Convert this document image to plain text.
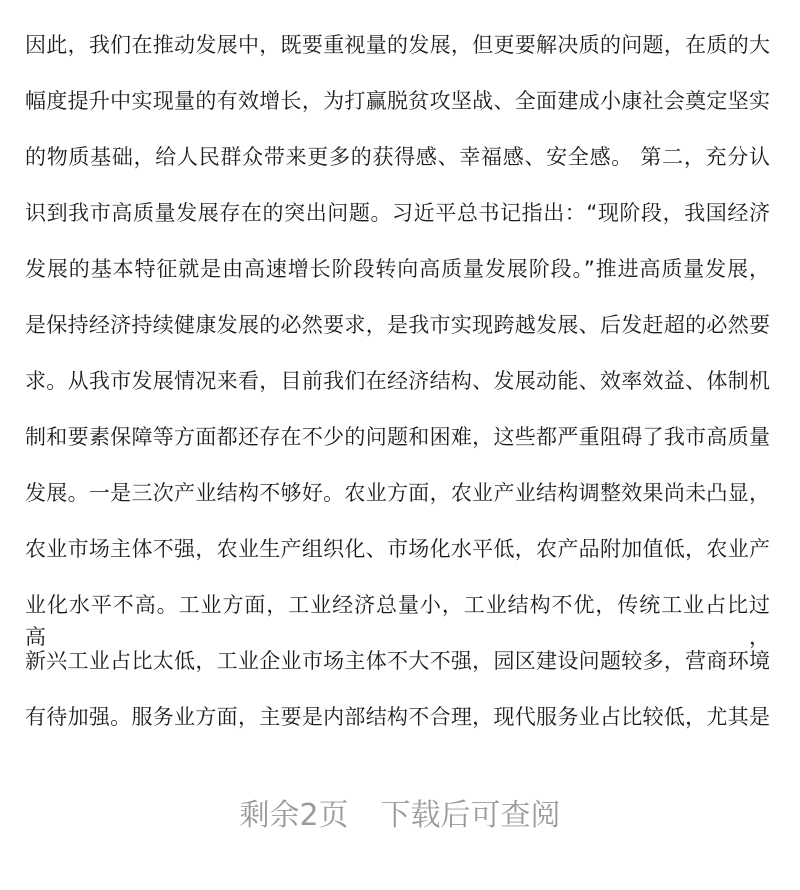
因此，我们在推动发展中，既要重视量的发展，但更要解决质的问题，在质的大
幅度提升中实现量的有效增长，为打赢脱贫攻坚战、全面建成小康社会奠定坚实
的物质基础，给人民群众带来更多的获得感、幸福感、安全感。 第二，充分认
识到我市高质量发展存在的突出问题。习近平总书记指出：“现阶段，我国经济
发展的基本特征就是由高速增长阶段转向高质量发展阶段。”推进高质量发展，
是保持经济持续健康发展的必然要求，是我市实现跨越发展、后发赶超的必然要
求。从我市发展情况来看，目前我们在经济结构、发展动能、效率效益、体制机
制和要素保障等方面都还存在不少的问题和困难，这些都严重阻碍了我市高质量
发展。一是三次产业结构不够好。农业方面，农业产业结构调整效果尚未凸显，
农业市场主体不强，农业生产组织化、市场化水平低，农产品附加值低，农业产
业化水平不高。工业方面，工业经济总量小，工业结构不优，传统工业占比过高，
新兴工业占比太低，工业企业市场主体不大不强，园区建设问题较多，营商环境
有待加强。服务业方面，主要是内部结构不合理，现代服务业占比较低，尤其是
剩余2页 下载后可查阅
